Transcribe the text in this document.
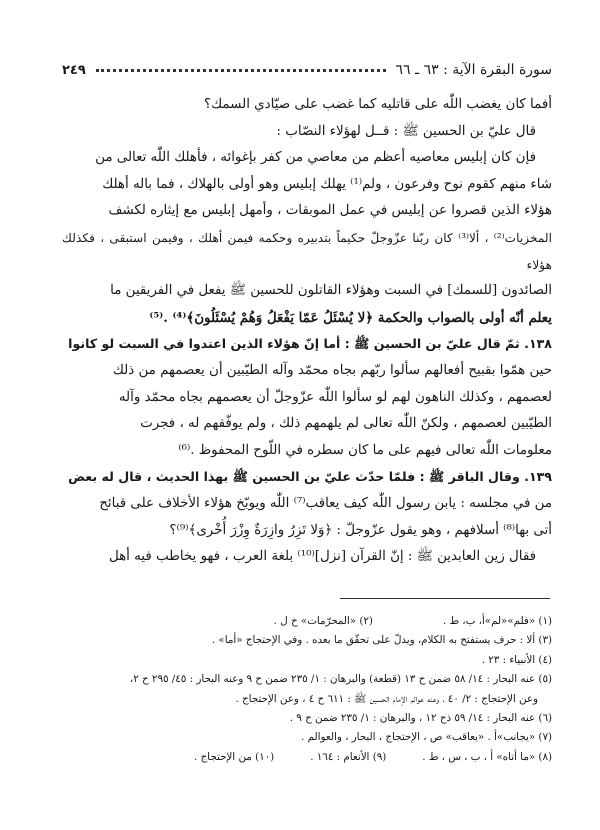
٢٤٩	سورة البقرة الآية : ٦٣ ـ ٦٦

أفما كان يغضب اللّٰه على قاتليه كما غضب على صيّادي السمك؟

قال عليّ بن الحسين ﷺ : قــل لهؤلاء النصّاب :

فإن كان إبليس معاصيه أعظم من معاصي من كفر بإغوائه ، فأهلك اللّٰه تعالى من

شاء منهم كقوم نوح وفرعون ، ولم⁽¹⁾ يهلك إبليس وهو أولى بالهلاك ، فما باله أهلك

هؤلاء الذين قصروا عن إبليس في عمل الموبقات ، وأمهل إبليس مع إيثاره لكشف

المخزيات⁽²⁾ ، ألا⁽³⁾ كان ربّنا عزّوجلّ حكيماً بتدبيره وحكمه فيمن أهلك ، وفيمن استبقى ، فكذلك هؤلاء

الصائدون [للسمك] في السبت وهؤلاء القاتلون للحسين ﷺ يفعل في الفريقين ما

يعلم أنّه أولى بالصواب والحكمة ﴿لا يُسْئَلُ عَمّا يَفْعَلُ وَهُمْ يُسْئَلُونَ﴾⁽⁴⁾ .⁽⁵⁾

١٣٨. ثمّ قال عليّ بن الحسين ﷺ : أما إنّ هؤلاء الذين اعتدوا في السبت لو كانوا

حين همّوا بقبيح أفعالهم سألوا ربّهم بجاه محمّد وآله الطيّبين أن يعصمهم من ذلك

لعصمهم ، وكذلك الناهون لهم لو سألوا اللّٰه عزّوجلّ أن يعصمهم بجاه محمّد وآله

الطيّبين لعصمهم ، ولكنّ اللّٰه تعالى لم يلهمهم ذلك ، ولم يوفّقهم له ، فجرت

معلومات اللّٰه تعالى فيهم على ما كان سطره في اللّوح المحفوظ .⁽⁶⁾

١٣٩. وقال الباقر ﷺ : فلمّا حدّث عليّ بن الحسين ﷺ بهذا الحديث ، قال له بعض

من في مجلسه : يابن رسول اللّٰه كيف يعاقب⁽⁷⁾ اللّٰه ويوبّخ هؤلاء الأخلاف على قبائح

أتى بها⁽⁸⁾ أسلافهم ، وهو يقول عزّوجلّ : ﴿وَلا تَزِرُ وازِرَةٌ وِزْرَ أُخْرى﴾⁽⁹⁾؟

فقال زين العابدين ﷺ : إنّ القرآن [نزل]⁽¹⁰⁾ بلغة العرب ، فهو يخاطب فيه أهل

(١) «فلم»«لم»أ، ب، ط .
(٢) «المحرّمات» خ ل .
(٣) ألا : حرف يستفتح به الكلام، ويدلّ على تحقّق ما بعده . وفي الإحتجاج «أما» .
(٤) الأنبياء : ٢٣ .
(٥) عنه البحار : ١٤/ ٥٨ ضمن ح ١٣ (قطعة) والبرهان : ١/ ٢٣٥ ضمن ح ٩ وعنه البحار : ٤٥/ ٢٩٥ ح ٢،
وعن الإحتجاج : ٢/ ٤٠ ، وعنه عوالم الإمام الحسين ﷺ : ٦١١ ح ٤ ، وعن الإحتجاج .
(٦) عنه البحار : ١٤/ ٥٩ ذح ١٢ ، والبرهان : ١/ ٢٣٥ ضمن ح ٩ .
(٧) «يجانب»أ . «يعاقب» ص ، الإحتجاج ، البحار ، والعوالم .
(٨) «ما أتاه» أ ، ب ، س ، ط .
(٩) الأنعام : ١٦٤ .
(١٠) من الإحتجاج .
